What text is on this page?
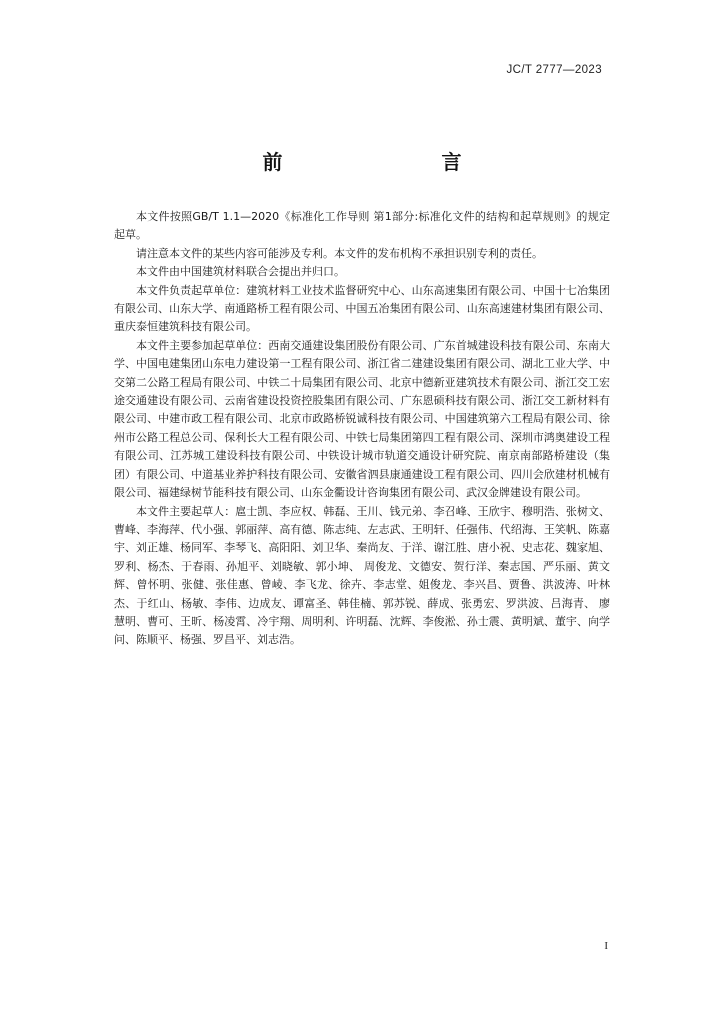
JC/T 2777—2023
前 言

本文件按照GB/T 1.1—2020《标准化工作导则 第1部分:标准化文件的结构和起草规则》的规定起草。

请注意本文件的某些内容可能涉及专利。本文件的发布机构不承担识别专利的责任。

本文件由中国建筑材料联合会提出并归口。

本文件负责起草单位：建筑材料工业技术监督研究中心、山东高速集团有限公司、中国十七冶集团有限公司、山东大学、南通路桥工程有限公司、中国五冶集团有限公司、山东高速建材集团有限公司、重庆泰恒建筑科技有限公司。

本文件主要参加起草单位：西南交通建设集团股份有限公司、广东首城建设科技有限公司、东南大学、中国电建集团山东电力建设第一工程有限公司、浙江省二建建设集团有限公司、湖北工业大学、中交第二公路工程局有限公司、中铁二十局集团有限公司、北京中德新亚建筑技术有限公司、浙江交工宏途交通建设有限公司、云南省建设投资控股集团有限公司、广东恩硕科技有限公司、浙江交工新材料有限公司、中建市政工程有限公司、北京市政路桥锐诚科技有限公司、中国建筑第六工程局有限公司、徐州市公路工程总公司、保利长大工程有限公司、中铁七局集团第四工程有限公司、深圳市鸿奥建设工程有限公司、江苏城工建设科技有限公司、中铁设计城市轨道交通设计研究院、南京南部路桥建设（集团）有限公司、中道基业养护科技有限公司、安徽省泗县康通建设工程有限公司、四川会欣建材机械有限公司、福建绿树节能科技有限公司、山东金衢设计咨询集团有限公司、武汉金牌建设有限公司。

本文件主要起草人：扈士凯、李应权、韩磊、王川、钱元弟、李召峰、王欣宇、穆明浩、张树文、曹峰、李海萍、代小强、郭丽萍、高有德、陈志纯、左志武、王明轩、任强伟、代绍海、王笑帆、陈嘉宇、刘正雄、杨同军、李琴飞、高阳阳、刘卫华、秦尚友、于洋、谢江胜、唐小祝、史志花、魏家旭、罗利、杨杰、于春雨、孙旭平、刘晓敏、郭小坤、 周俊龙、文德安、贺行洋、秦志国、严乐丽、黄文辉、曾怀明、张健、张佳惠、曾崚、李飞龙、徐卉、李志堂、姐俊龙、李兴昌、贾鲁、洪波涛、叶林杰、于红山、杨敏、李伟、边成友、谭富圣、韩佳楠、郭苏锐、薛成、张勇宏、罗洪波、吕海青、 廖慧明、曹可、王昕、杨凌霄、冷宇翔、周明利、许明磊、沈辉、李俊淞、孙士震、黄明斌、董宇、向学问、陈顺平、杨强、罗昌平、刘志浩。

I
